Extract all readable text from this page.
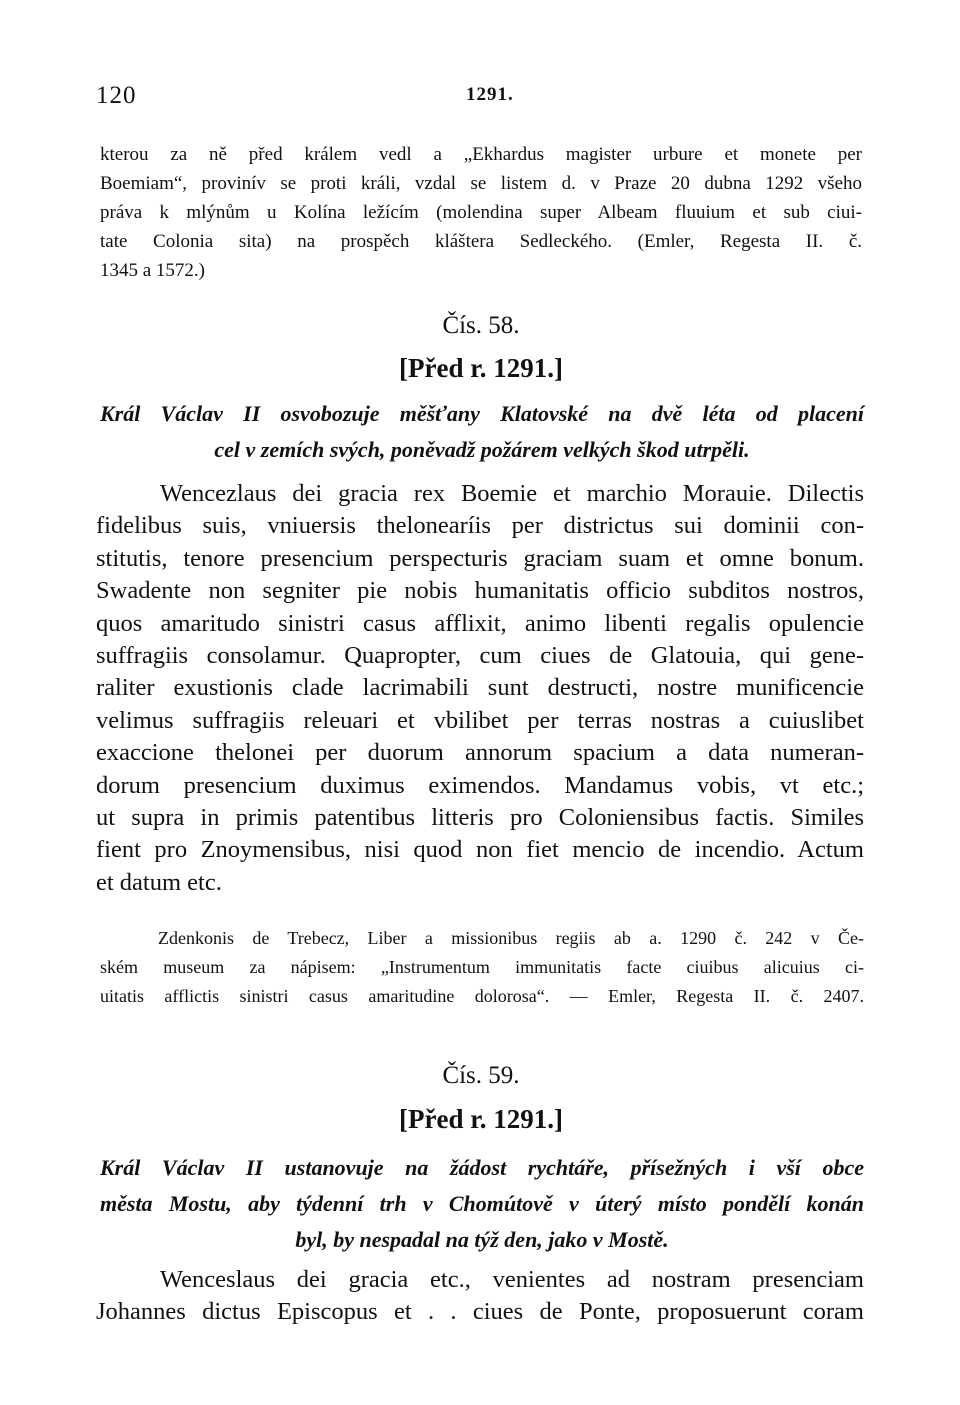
120	1291.
kterou za ně před králem vedl a „Ekhardus magister urbure et monete per
Boemiam“, provinív se proti králi, vzdal se listem d. v Praze 20 dubna 1292 všeho
práva k mlýnům u Kolína ležícím (molendina super Albeam fluuium et sub ciui-
tate Colonia sita) na prospěch kláštera Sedleckého. (Emler, Regesta II. č.
1345 a 1572.)
Čís. 58.
[Před r. 1291.]
Král Václav II osvobozuje měšťany Klatovské na dvě léta od placení
cel v zemích svých, poněvadž požárem velkých škod utrpěli.
Wencezlaus dei gracia rex Boemie et marchio Morauie. Dilectis
fidelibus suis, vniuersis thelonearíis per districtus sui dominii con-
stitutis, tenore presencium perspecturis graciam suam et omne bonum.
Swadente non segniter pie nobis humanitatis officio subditos nostros,
quos amaritudo sinistri casus afflixit, animo libenti regalis opulencie
suffragiis consolamur. Quapropter, cum ciues de Glatouia, qui gene-
raliter exustionis clade lacrimabili sunt destructi, nostre munificencie
velimus suffragiis releuari et vbilibet per terras nostras a cuiuslibet
exaccione thelonei per duorum annorum spacium a data numeran-
dorum presencium duximus eximendos. Mandamus vobis, vt etc.;
ut supra in primis patentibus litteris pro Coloniensibus factis. Similes
fient pro Znoymensibus, nisi quod non fiet mencio de incendio. Actum
et datum etc.
Zdenkonis de Trebecz, Liber a missionibus regiis ab a. 1290 č. 242 v Če-
ském museum za nápisem: „Instrumentum immunitatis facte ciuibus alicuius ci-
uitatis afflictis sinistri casus amaritudine dolorosa“. — Emler, Regesta II. č. 2407.
Čís. 59.
[Před r. 1291.]
Král Václav II ustanovuje na žádost rychtáře, přísežných i vší obce
města Mostu, aby týdenní trh v Chomútově v úterý místo pondělí konán
byl, by nespadal na týž den, jako v Mostě.
Wenceslaus dei gracia etc., venientes ad nostram presenciam
Johannes dictus Episcopus et . . ciues de Ponte, proposuerunt coram
